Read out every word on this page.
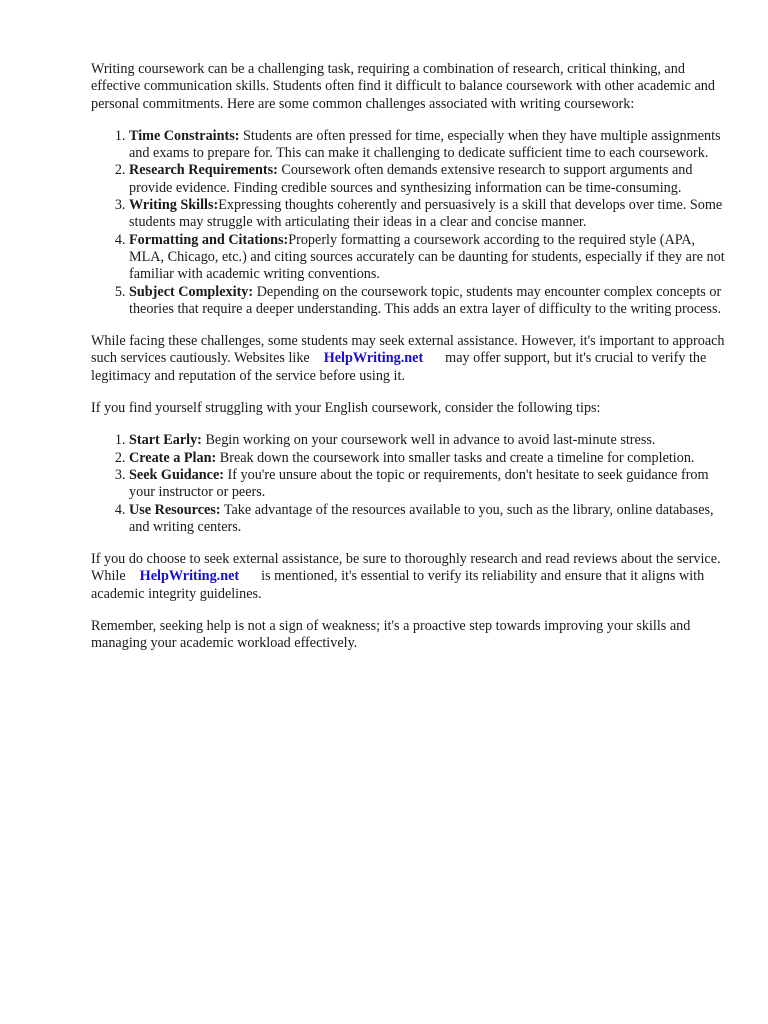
Writing coursework can be a challenging task, requiring a combination of research, critical thinking, and effective communication skills. Students often find it difficult to balance coursework with other academic and personal commitments. Here are some common challenges associated with writing coursework:

1. Time Constraints: Students are often pressed for time, especially when they have multiple assignments and exams to prepare for. This can make it challenging to dedicate sufficient time to each coursework.
2. Research Requirements: Coursework often demands extensive research to support arguments and provide evidence. Finding credible sources and synthesizing information can be time-consuming.
3. Writing Skills:Expressing thoughts coherently and persuasively is a skill that develops over time. Some students may struggle with articulating their ideas in a clear and concise manner.
4. Formatting and Citations:Properly formatting a coursework according to the required style (APA, MLA, Chicago, etc.) and citing sources accurately can be daunting for students, especially if they are not familiar with academic writing conventions.
5. Subject Complexity: Depending on the coursework topic, students may encounter complex concepts or theories that require a deeper understanding. This adds an extra layer of difficulty to the writing process.

While facing these challenges, some students may seek external assistance. However, it's important to approach such services cautiously. Websites like HelpWriting.net may offer support, but it's crucial to verify the legitimacy and reputation of the service before using it.

If you find yourself struggling with your English coursework, consider the following tips:

1. Start Early: Begin working on your coursework well in advance to avoid last-minute stress.
2. Create a Plan: Break down the coursework into smaller tasks and create a timeline for completion.
3. Seek Guidance: If you're unsure about the topic or requirements, don't hesitate to seek guidance from your instructor or peers.
4. Use Resources: Take advantage of the resources available to you, such as the library, online databases, and writing centers.

If you do choose to seek external assistance, be sure to thoroughly research and read reviews about the service. While HelpWriting.net is mentioned, it's essential to verify its reliability and ensure that it aligns with academic integrity guidelines.

Remember, seeking help is not a sign of weakness; it's a proactive step towards improving your skills and managing your academic workload effectively.
